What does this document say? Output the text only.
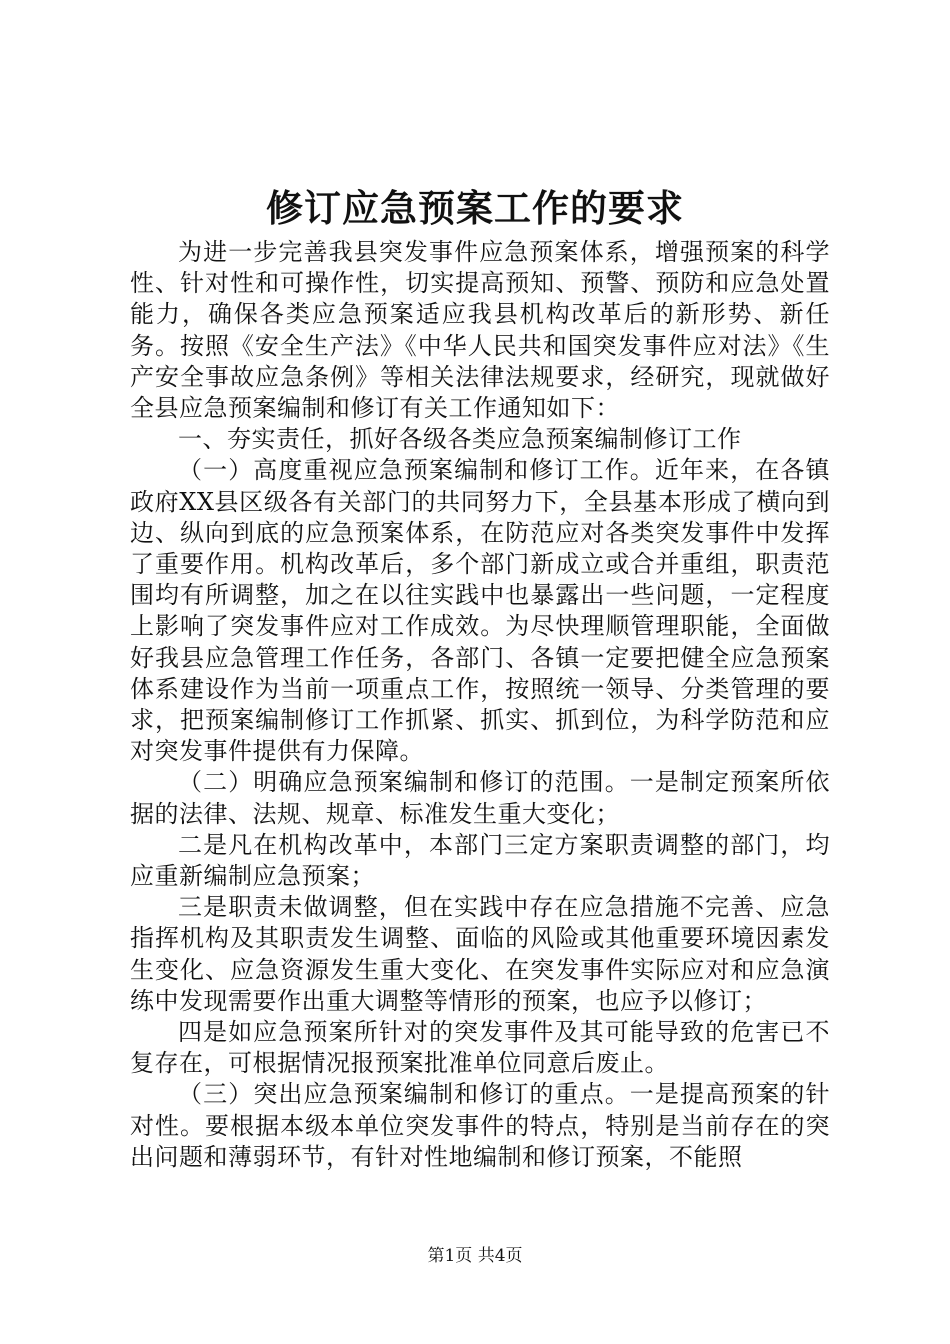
修订应急预案工作的要求

为进一步完善我县突发事件应急预案体系，增强预案的科学性、针对性和可操作性，切实提高预知、预警、预防和应急处置能力，确保各类应急预案适应我县机构改革后的新形势、新任务。按照《安全生产法》《中华人民共和国突发事件应对法》《生产安全事故应急条例》等相关法律法规要求，经研究，现就做好全县应急预案编制和修订有关工作通知如下：

一、夯实责任，抓好各级各类应急预案编制修订工作

（一）高度重视应急预案编制和修订工作。近年来，在各镇政府XX县区级各有关部门的共同努力下，全县基本形成了横向到边、纵向到底的应急预案体系，在防范应对各类突发事件中发挥了重要作用。机构改革后，多个部门新成立或合并重组，职责范围均有所调整，加之在以往实践中也暴露出一些问题，一定程度上影响了突发事件应对工作成效。为尽快理顺管理职能，全面做好我县应急管理工作任务，各部门、各镇一定要把健全应急预案体系建设作为当前一项重点工作，按照统一领导、分类管理的要求，把预案编制修订工作抓紧、抓实、抓到位，为科学防范和应对突发事件提供有力保障。

（二）明确应急预案编制和修订的范围。一是制定预案所依据的法律、法规、规章、标准发生重大变化；

二是凡在机构改革中，本部门三定方案职责调整的部门，均应重新编制应急预案；

三是职责未做调整，但在实践中存在应急措施不完善、应急指挥机构及其职责发生调整、面临的风险或其他重要环境因素发生变化、应急资源发生重大变化、在突发事件实际应对和应急演练中发现需要作出重大调整等情形的预案，也应予以修订；

四是如应急预案所针对的突发事件及其可能导致的危害已不复存在，可根据情况报预案批准单位同意后废止。

（三）突出应急预案编制和修订的重点。一是提高预案的针对性。要根据本级本单位突发事件的特点，特别是当前存在的突出问题和薄弱环节，有针对性地编制和修订预案，不能照

第1页 共4页
